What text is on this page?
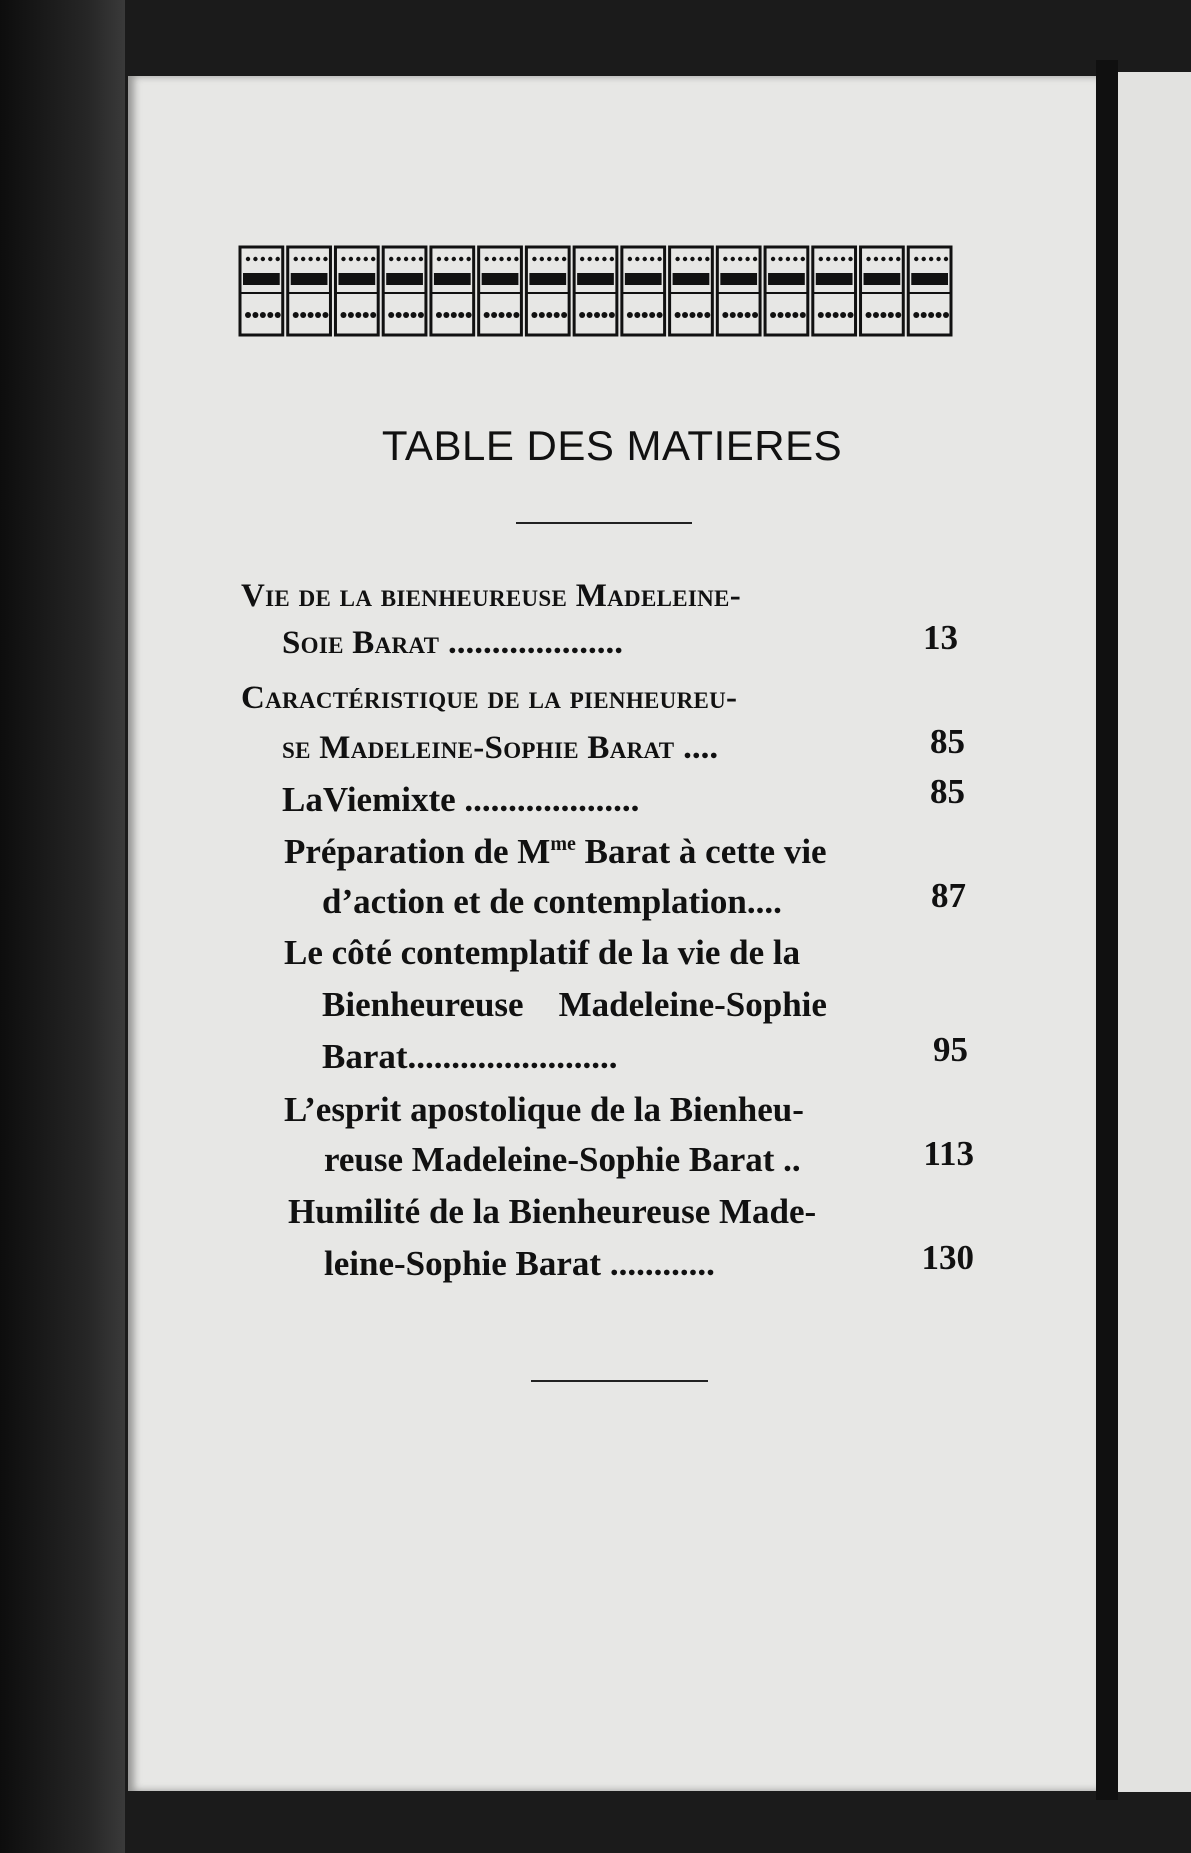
TABLE DES MATIERES
Vie de la bienheureuse Madeleine-
Soie Barat ....................	13
Caractéristique de la pienheureu-
se Madeleine-Sophie Barat ....	85
LaViemixte ....................	85
Préparation de $M^{me}$ Barat à cette vie
d’action et de contemplation....	87
Le côté contemplatif de la vie de la
Bienheureuse    Madeleine-Sophie
Barat........................	95
L’esprit apostolique de la Bienheu-
reuse Madeleine-Sophie Barat ..	113
Humilité de la Bienheureuse Made-
leine-Sophie Barat ............	130
